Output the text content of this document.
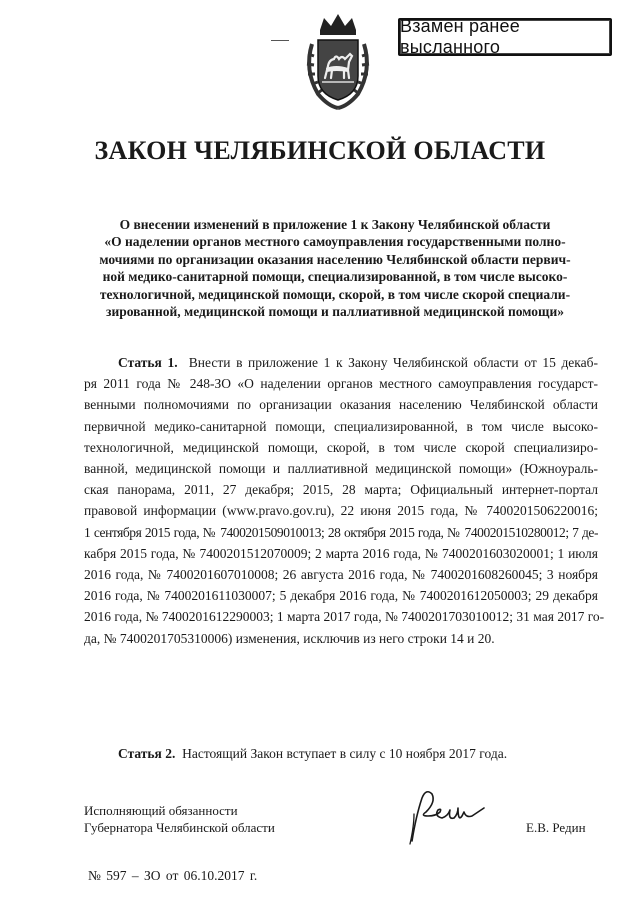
Взамен ранее высланного
ЗАКОН ЧЕЛЯБИНСКОЙ ОБЛАСТИ
О внесении изменений в приложение 1 к Закону Челябинской области
«О наделении органов местного самоуправления государственными полно-
мочиями по организации оказания населению Челябинской области первич-
ной медико-санитарной помощи, специализированной, в том числе высоко-
технологичной, медицинской помощи, скорой, в том числе скорой специали-
зированной, медицинской помощи и паллиативной медицинской помощи»
Статья 1. Внести в приложение 1 к Закону Челябинской области от 15 декаб-
ря 2011 года № 248-ЗО «О наделении органов местного самоуправления государст-
венными полномочиями по организации оказания населению Челябинской области
первичной медико-санитарной помощи, специализированной, в том числе высоко-
технологичной, медицинской помощи, скорой, в том числе скорой специализиро-
ванной, медицинской помощи и паллиативной медицинской помощи» (Южноураль-
ская панорама, 2011, 27 декабря; 2015, 28 марта; Официальный интернет-портал
правовой информации (www.pravo.gov.ru), 22 июня 2015 года, № 7400201506220016;
1 сентября 2015 года, № 7400201509010013; 28 октября 2015 года, № 7400201510280012; 7 де-
кабря 2015 года, № 7400201512070009; 2 марта 2016 года, № 7400201603020001; 1 июля
2016 года, № 7400201607010008; 26 августа 2016 года, № 7400201608260045; 3 ноября
2016 года, № 7400201611030007; 5 декабря 2016 года, № 7400201612050003; 29 декабря
2016 года, № 7400201612290003; 1 марта 2017 года, № 7400201703010012; 31 мая 2017 го-
да, № 7400201705310006) изменения, исключив из него строки 14 и 20.
Статья 2. Настоящий Закон вступает в силу с 10 ноября 2017 года.
Исполняющий обязанности
Губернатора Челябинской области	Е.В. Редин
№ 597 – ЗО от 06.10.2017 г.
